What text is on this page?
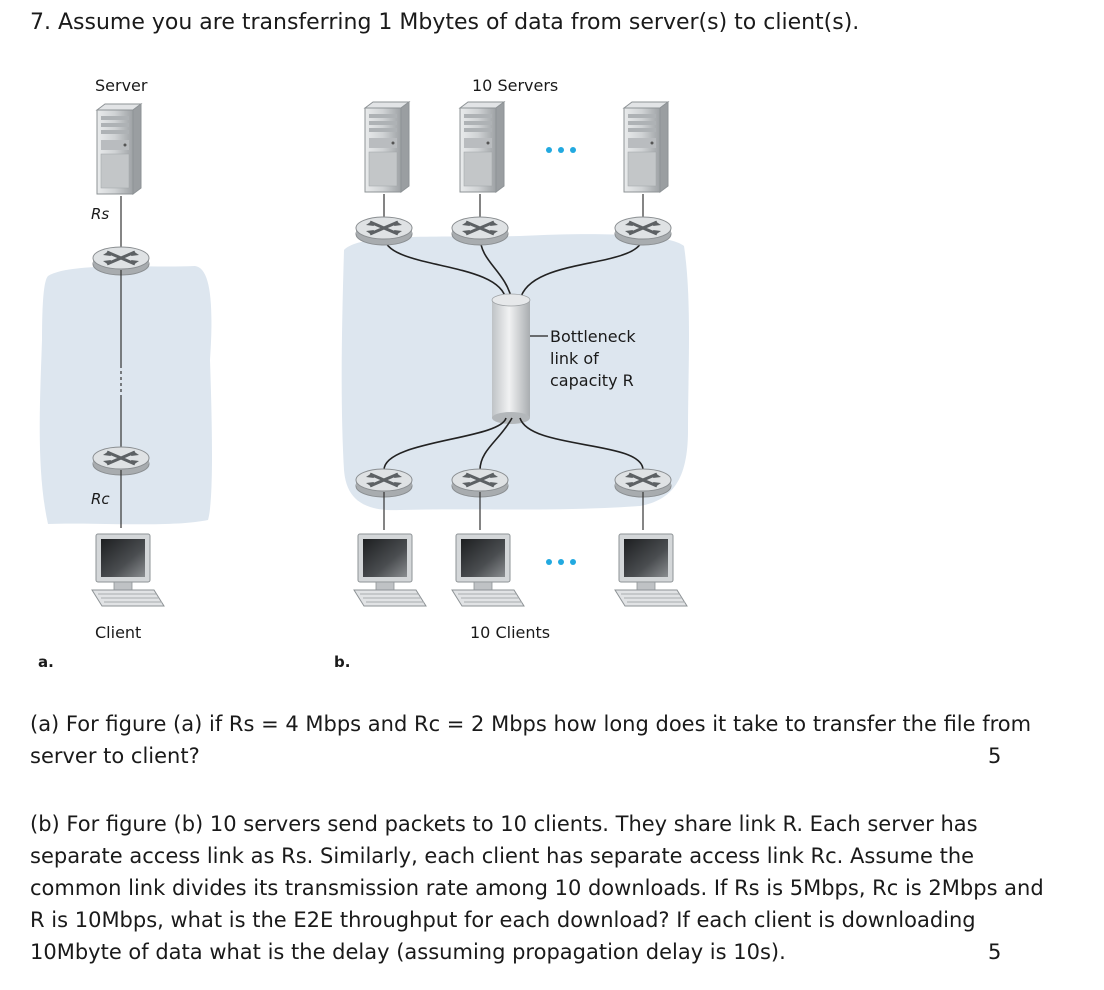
7. Assume you are transferring 1 Mbytes of data from server(s) to client(s).
Server
Rs
Rc
Client
a.
10 Servers
Bottleneck
link of
capacity R
10 Clients
b.
(a) For figure (a) if Rs = 4 Mbps and Rc = 2 Mbps how long does it take to transfer the file from
server to client?	5
(b) For figure (b) 10 servers send packets to 10 clients. They share link R. Each server has
separate access link as Rs. Similarly, each client has separate access link Rc. Assume the
common link divides its transmission rate among 10 downloads. If Rs is 5Mbps, Rc is 2Mbps and
R is 10Mbps, what is the E2E throughput for each download? If each client is downloading
10Mbyte of data what is the delay (assuming propagation delay is 10s).	5
